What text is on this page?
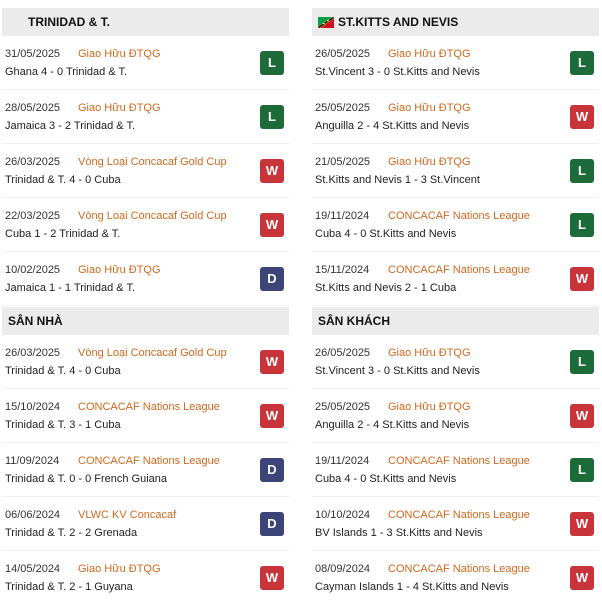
TRINIDAD & T.
31/05/2025	Giao Hữu ĐTQG
Ghana 4 - 0 Trinidad & T.
L
28/05/2025	Giao Hữu ĐTQG
Jamaica 3 - 2 Trinidad & T.
L
26/03/2025	Vòng Loại Concacaf Gold Cup
Trinidad & T. 4 - 0 Cuba
W
22/03/2025	Vòng Loại Concacaf Gold Cup
Cuba 1 - 2 Trinidad & T.
W
10/02/2025	Giao Hữu ĐTQG
Jamaica 1 - 1 Trinidad & T.
D
ST.KITTS AND NEVIS
26/05/2025	Giao Hữu ĐTQG
St.Vincent 3 - 0 St.Kitts and Nevis
L
25/05/2025	Giao Hữu ĐTQG
Anguilla 2 - 4 St.Kitts and Nevis
W
21/05/2025	Giao Hữu ĐTQG
St.Kitts and Nevis 1 - 3 St.Vincent
L
19/11/2024	CONCACAF Nations League
Cuba 4 - 0 St.Kitts and Nevis
L
15/11/2024	CONCACAF Nations League
St.Kitts and Nevis 2 - 1 Cuba
W
SÂN NHÀ
26/03/2025	Vòng Loại Concacaf Gold Cup
Trinidad & T. 4 - 0 Cuba
W
15/10/2024	CONCACAF Nations League
Trinidad & T. 3 - 1 Cuba
W
11/09/2024	CONCACAF Nations League
Trinidad & T. 0 - 0 French Guiana
D
06/06/2024	VLWC KV Concacaf
Trinidad & T. 2 - 2 Grenada
D
14/05/2024	Giao Hữu ĐTQG
Trinidad & T. 2 - 1 Guyana
W
SÂN KHÁCH
26/05/2025	Giao Hữu ĐTQG
St.Vincent 3 - 0 St.Kitts and Nevis
L
25/05/2025	Giao Hữu ĐTQG
Anguilla 2 - 4 St.Kitts and Nevis
W
19/11/2024	CONCACAF Nations League
Cuba 4 - 0 St.Kitts and Nevis
L
10/10/2024	CONCACAF Nations League
BV Islands 1 - 3 St.Kitts and Nevis
W
08/09/2024	CONCACAF Nations League
Cayman Islands 1 - 4 St.Kitts and Nevis
W
